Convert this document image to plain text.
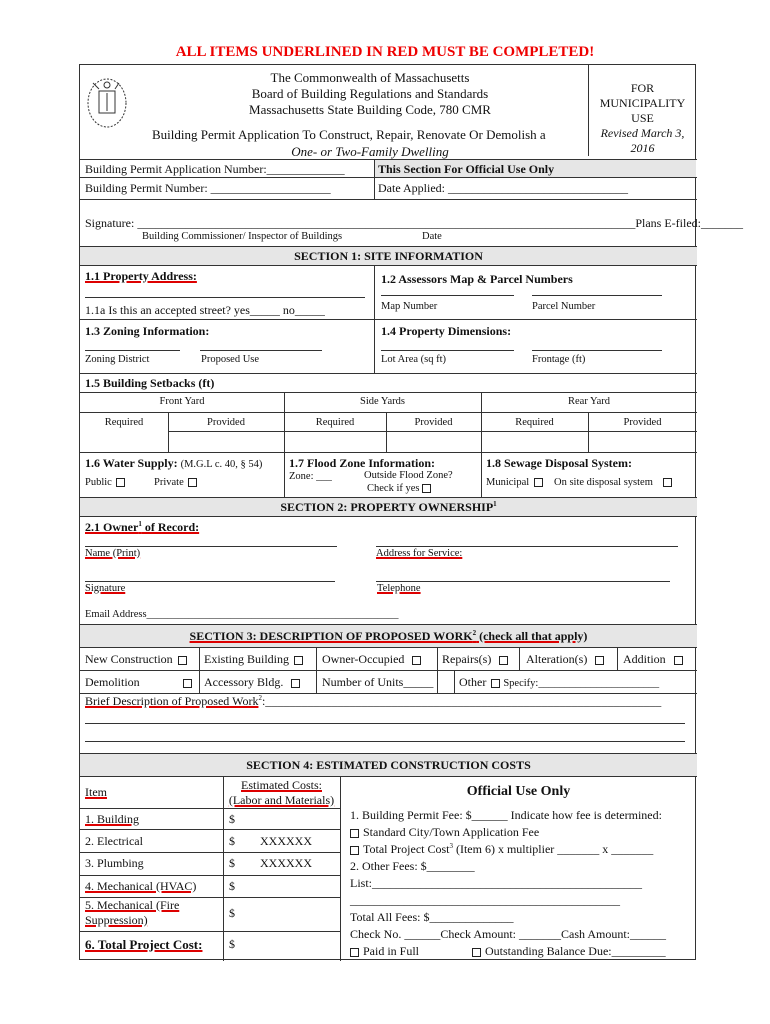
ALL ITEMS UNDERLINED IN RED MUST BE COMPLETED!
The Commonwealth of Massachusetts
Board of Building Regulations and Standards
Massachusetts State Building Code, 780 CMR
Building Permit Application To Construct, Repair, Renovate Or Demolish a
One- or Two-Family Dwelling
FOR
MUNICIPALITY
USE
Revised March 3, 2016
Building Permit Application Number:_____________	This Section For Official Use Only
Building Permit Number: ____________________	Date Applied: ______________________________
Signature: ___________________________________________________________________________________Plans E-filed:_______
Building Commissioner/ Inspector of Buildings	Date
SECTION 1: SITE INFORMATION
1.1 Property Address:
1.1a Is this an accepted street? yes_____ no_____
1.2 Assessors Map & Parcel Numbers
Map Number	Parcel Number
1.3 Zoning Information:
Zoning District	Proposed Use
1.4 Property Dimensions:
Lot Area (sq ft)	Frontage (ft)
1.5 Building Setbacks (ft)
Front Yard	Side Yards	Rear Yard
Required	Provided	Required	Provided	Required	Provided
1.6 Water Supply: (M.G.L c. 40, § 54)
Public	Private
1.7 Flood Zone Information:
Zone: ___	Outside Flood Zone?
Check if yes
1.8 Sewage Disposal System:
Municipal	On site disposal system
SECTION 2: PROPERTY OWNERSHIP$^1$
2.1 Owner$^1$ of Record:
Name (Print)	Address for Service:
Signature	Telephone
Email Address________________________________________________
SECTION 3: DESCRIPTION OF PROPOSED WORK$^2$ (check all that apply)
New Construction	Existing Building	Owner-Occupied	Repairs(s)	Alteration(s)	Addition
Demolition	Accessory Bldg.	Number of Units_____ Other Specify:_______________________
Brief Description of Proposed Work$^2$:__________________________________________________________________
SECTION 4: ESTIMATED CONSTRUCTION COSTS
Item	Estimated Costs:
(Labor and Materials)
1. Building	$
2. Electrical	$ XXXXXX
3. Plumbing	$ XXXXXX
4. Mechanical (HVAC)	$
5. Mechanical (Fire Suppression)	$
6. Total Project Cost: $
Official Use Only
1. Building Permit Fee: $______ Indicate how fee is determined:
Standard City/Town Application Fee
Total Project Cost$^3$ (Item 6) x multiplier _______ x _______
2. Other Fees: $________
List:_____________________________________________
_____________________________________________
Total All Fees: $______________
Check No. ______Check Amount: _______Cash Amount:______
Paid in Full	Outstanding Balance Due:_________
